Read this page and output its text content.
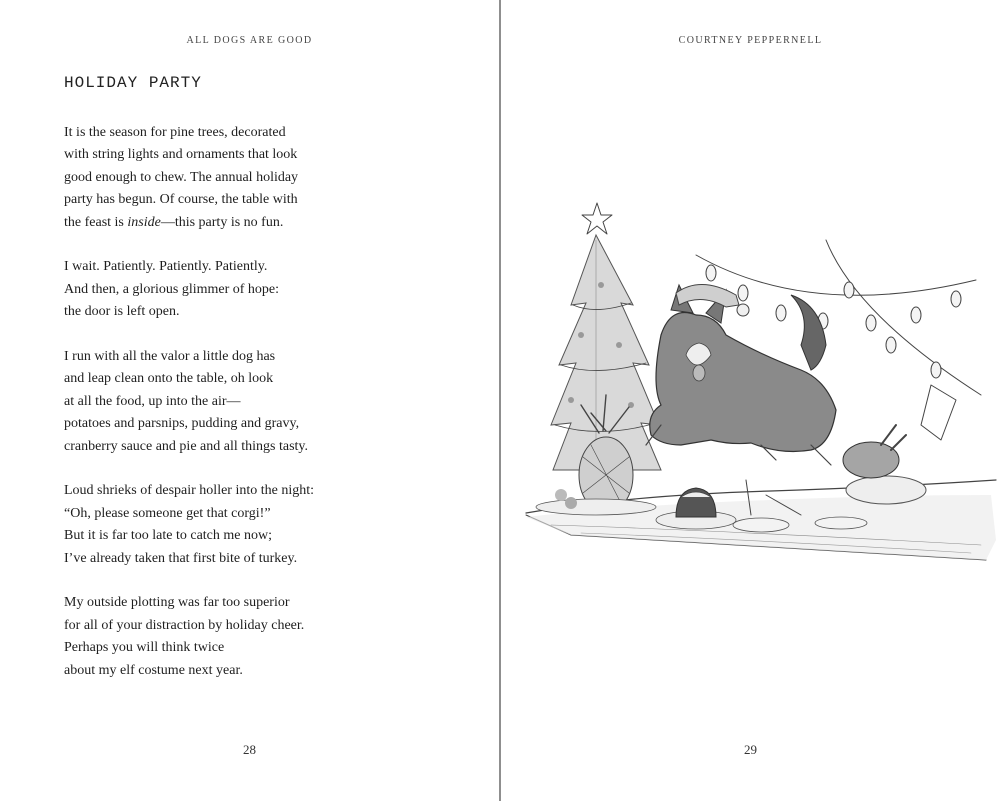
ALL DOGS ARE GOOD
HOLIDAY PARTY

It is the season for pine trees, decorated
with string lights and ornaments that look
good enough to chew. The annual holiday
party has begun. Of course, the table with
the feast is inside—this party is no fun.

I wait. Patiently. Patiently. Patiently.
And then, a glorious glimmer of hope:
the door is left open.

I run with all the valor a little dog has
and leap clean onto the table, oh look
at all the food, up into the air—
potatoes and parsnips, pudding and gravy,
cranberry sauce and pie and all things tasty.

Loud shrieks of despair holler into the night:
“Oh, please someone get that corgi!”
But it is far too late to catch me now;
I’ve already taken that first bite of turkey.

My outside plotting was far too superior
for all of your distraction by holiday cheer.
Perhaps you will think twice
about my elf costume next year.

28
COURTNEY PEPPERNELL
29
